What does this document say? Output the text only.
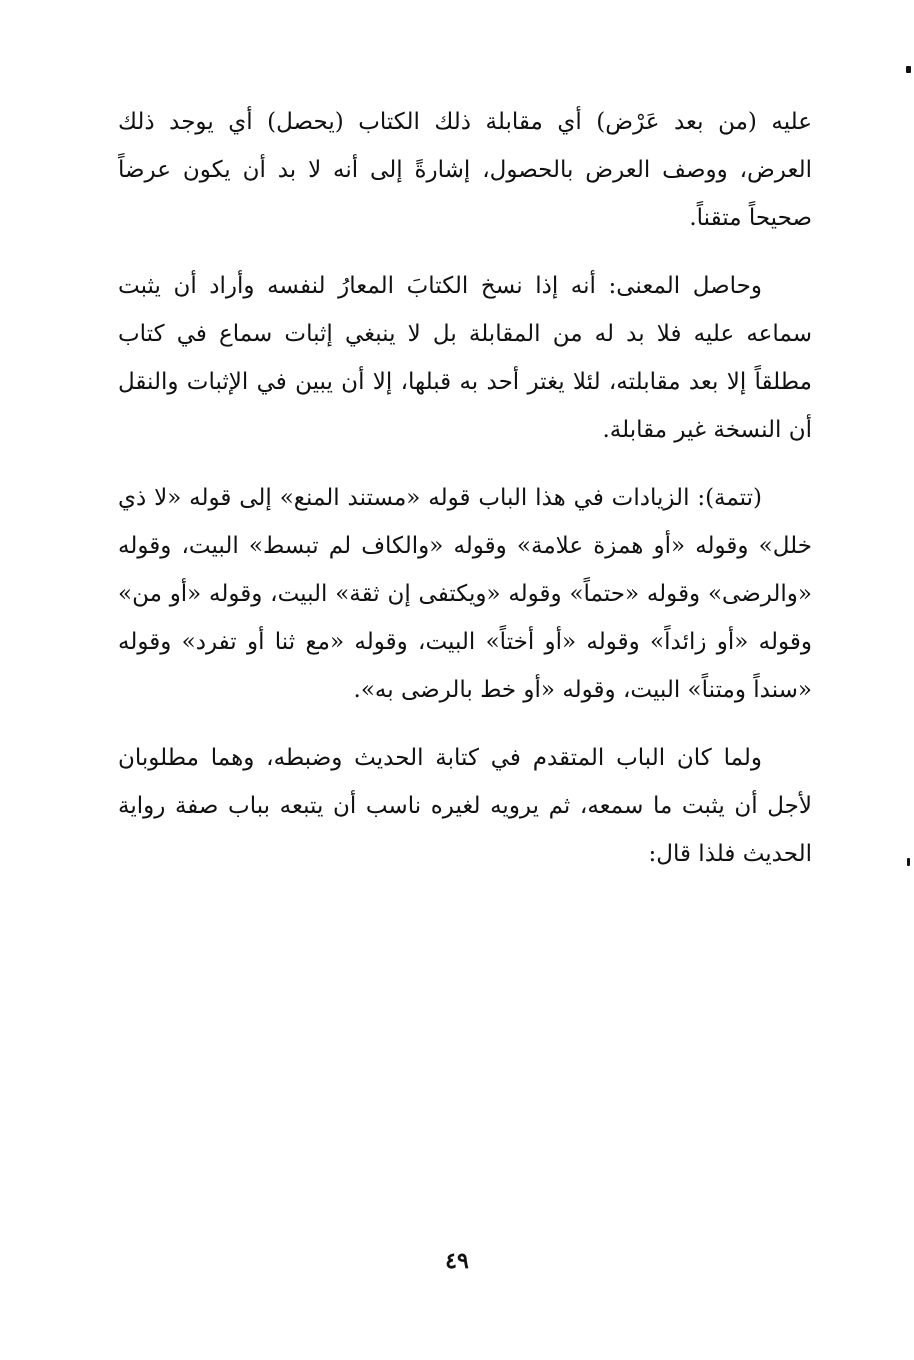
عليه (من بعد عَرْض) أي مقابلة ذلك الكتاب (يحصل) أي يوجد ذلك العرض، ووصف العرض بالحصول، إشارةً إلى أنه لا بد أن يكون عرضاً صحيحاً متقناً.

وحاصل المعنى: أنه إذا نسخ الكتابَ المعارُ لنفسه وأراد أن يثبت سماعه عليه فلا بد له من المقابلة بل لا ينبغي إثبات سماع في كتاب مطلقاً إلا بعد مقابلته، لئلا يغتر أحد به قبلها، إلا أن يبين في الإثبات والنقل أن النسخة غير مقابلة.

(تتمة): الزيادات في هذا الباب قوله «مستند المنع» إلى قوله «لا ذي خلل» وقوله «أو همزة علامة» وقوله «والكاف لم تبسط» البيت، وقوله «والرضى» وقوله «حتماً» وقوله «ويكتفى إن ثقة» البيت، وقوله «أو من» وقوله «أو زائداً» وقوله «أو أختاً» البيت، وقوله «مع ثنا أو تفرد» وقوله «سنداً ومتناً» البيت، وقوله «أو خط بالرضى به».

ولما كان الباب المتقدم في كتابة الحديث وضبطه، وهما مطلوبان لأجل أن يثبت ما سمعه، ثم يرويه لغيره ناسب أن يتبعه بباب صفة رواية الحديث فلذا قال:

٤٩
